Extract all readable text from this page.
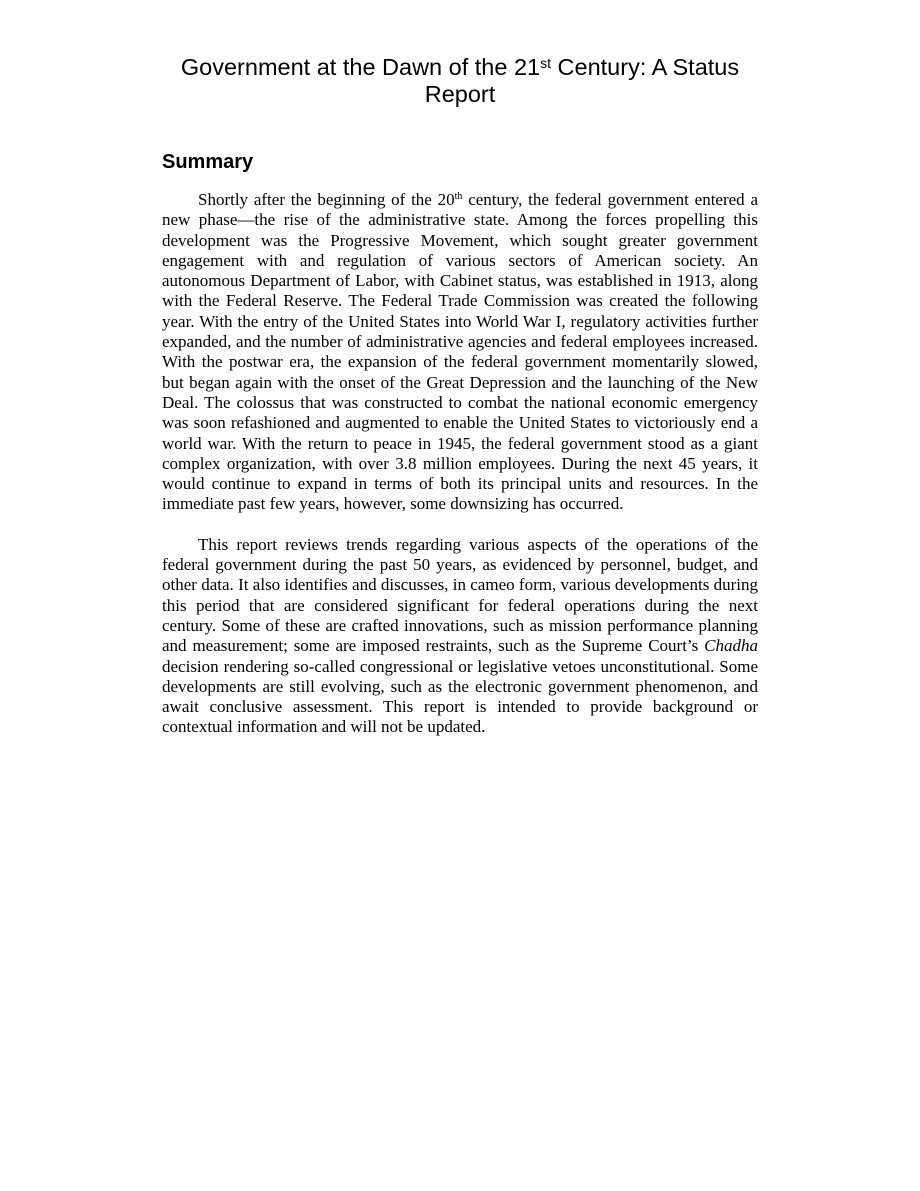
Government at the Dawn of the 21st Century: A Status Report
Summary

Shortly after the beginning of the 20th century, the federal government entered a new phase—the rise of the administrative state. Among the forces propelling this development was the Progressive Movement, which sought greater government engagement with and regulation of various sectors of American society. An autonomous Department of Labor, with Cabinet status, was established in 1913, along with the Federal Reserve. The Federal Trade Commission was created the following year. With the entry of the United States into World War I, regulatory activities further expanded, and the number of administrative agencies and federal employees increased. With the postwar era, the expansion of the federal government momentarily slowed, but began again with the onset of the Great Depression and the launching of the New Deal. The colossus that was constructed to combat the national economic emergency was soon refashioned and augmented to enable the United States to victoriously end a world war. With the return to peace in 1945, the federal government stood as a giant complex organization, with over 3.8 million employees. During the next 45 years, it would continue to expand in terms of both its principal units and resources. In the immediate past few years, however, some downsizing has occurred.

This report reviews trends regarding various aspects of the operations of the federal government during the past 50 years, as evidenced by personnel, budget, and other data. It also identifies and discusses, in cameo form, various developments during this period that are considered significant for federal operations during the next century. Some of these are crafted innovations, such as mission performance planning and measurement; some are imposed restraints, such as the Supreme Court’s Chadha decision rendering so-called congressional or legislative vetoes unconstitutional. Some developments are still evolving, such as the electronic government phenomenon, and await conclusive assessment. This report is intended to provide background or contextual information and will not be updated.
